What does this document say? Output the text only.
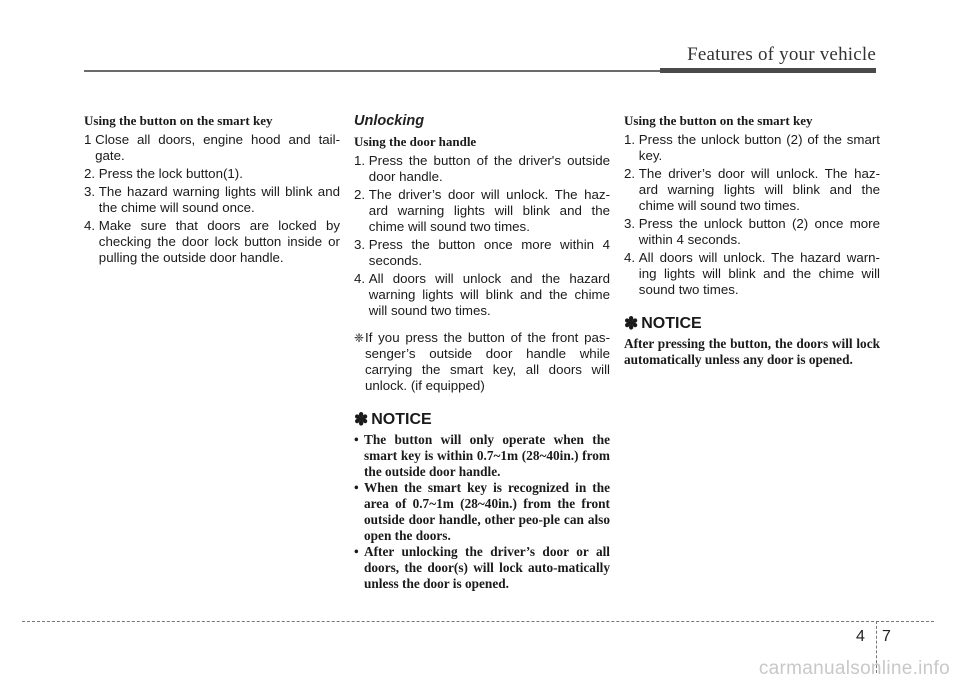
Features of your vehicle
Using the button on the smart key
1 Close all doors, engine hood and tail-gate.
2. Press the lock button(1).
3. The hazard warning lights will blink and the chime will sound once.
4. Make sure that doors are locked by checking the door lock button inside or pulling the outside door handle.
Unlocking
Using the door handle
1. Press the button of the driver's outside door handle.
2. The driver’s door will unlock. The haz-ard warning lights will blink and the chime will sound two times.
3. Press the button once more within 4 seconds.
4. All doors will unlock and the hazard warning lights will blink and the chime will sound two times.
❈ If you press the button of the front pas-senger’s outside door handle while carrying the smart key, all doors will unlock. (if equipped)
✽ NOTICE
• The button will only operate when the smart key is within 0.7~1m (28~40in.) from the outside door handle.
• When the smart key is recognized in the area of 0.7~1m (28~40in.) from the front outside door handle, other peo-ple can also open the doors.
• After unlocking the driver’s door or all doors, the door(s) will lock auto-matically unless the door is opened.
Using the button on the smart key
1. Press the unlock button (2) of the smart key.
2. The driver’s door will unlock. The haz-ard warning lights will blink and the chime will sound two times.
3. Press the unlock button (2) once more within 4 seconds.
4. All doors will unlock. The hazard warn-ing lights will blink and the chime will sound two times.
✽ NOTICE
After pressing the button, the doors will lock automatically unless any door is opened.
4 7
carmanualsonline.info
